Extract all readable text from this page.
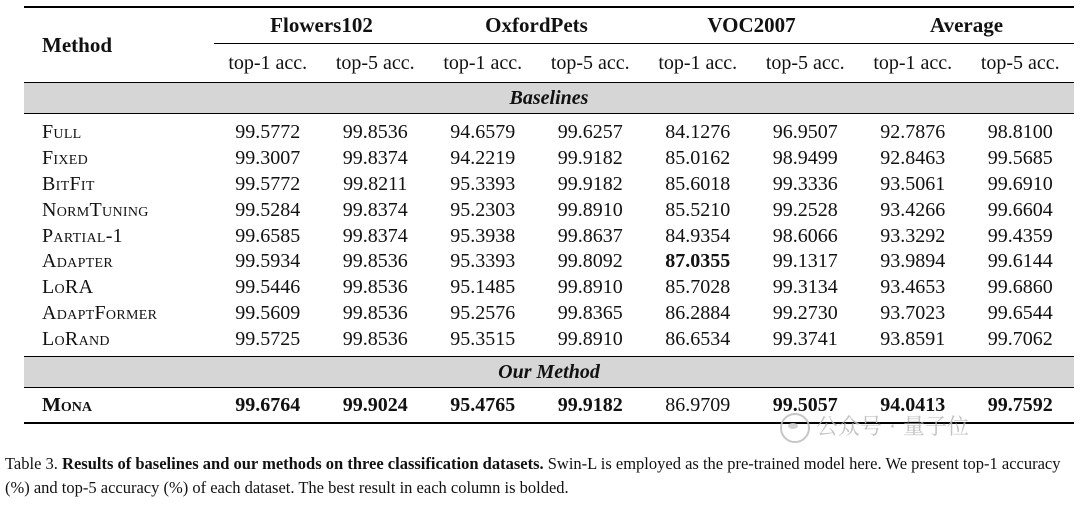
Method	Flowers102		OxfordPets		VOC2007		Average	
	top-1 acc.	top-5 acc.	top-1 acc.	top-5 acc.	top-1 acc.	top-5 acc.	top-1 acc.	top-5 acc.
Baselines								
Full	99.5772	99.8536	94.6579	99.6257	84.1276	96.9507	92.7876	98.8100
Fixed	99.3007	99.8374	94.2219	99.9182	85.0162	98.9499	92.8463	99.5685
BitFit	99.5772	99.8211	95.3393	99.9182	85.6018	99.3336	93.5061	99.6910
NormTuning	99.5284	99.8374	95.2303	99.8910	85.5210	99.2528	93.4266	99.6604
Partial-1	99.6585	99.8374	95.3938	99.8637	84.9354	98.6066	93.3292	99.4359
Adapter	99.5934	99.8536	95.3393	99.8092	87.0355	99.1317	93.9894	99.6144
LoRA	99.5446	99.8536	95.1485	99.8910	85.7028	99.3134	93.4653	99.6860
AdaptFormer	99.5609	99.8536	95.2576	99.8365	86.2884	99.2730	93.7023	99.6544
LoRand	99.5725	99.8536	95.3515	99.8910	86.6534	99.3741	93.8591	99.7062
Our Method								
Mona	99.6764	99.9024	95.4765	99.9182	86.9709	99.5057	94.0413	99.7592
Table 3. Results of baselines and our methods on three classification datasets. Swin-L is employed as the pre-trained model here. We present top-1 accuracy (%) and top-5 accuracy (%) of each dataset. The best result in each column is bolded.
公众号 · 量子位
